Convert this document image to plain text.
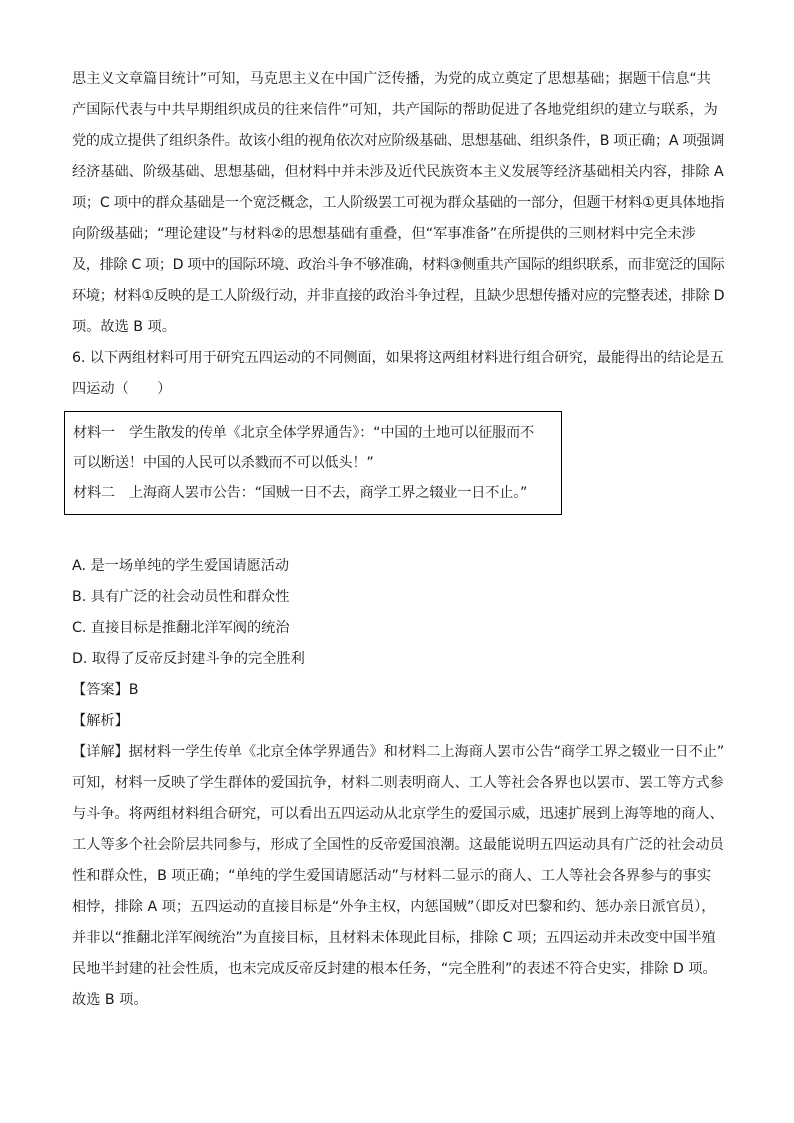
思主义文章篇目统计”可知，马克思主义在中国广泛传播，为党的成立奠定了思想基础；据题干信息“共
产国际代表与中共早期组织成员的往来信件”可知，共产国际的帮助促进了各地党组织的建立与联系，为
党的成立提供了组织条件。故该小组的视角依次对应阶级基础、思想基础、组织条件，B 项正确；A 项强调
经济基础、阶级基础、思想基础，但材料中并未涉及近代民族资本主义发展等经济基础相关内容，排除 A
项；C 项中的群众基础是一个宽泛概念，工人阶级罢工可视为群众基础的一部分，但题干材料①更具体地指
向阶级基础；“理论建设”与材料②的思想基础有重叠，但“军事准备”在所提供的三则材料中完全未涉
及，排除 C 项；D 项中的国际环境、政治斗争不够准确，材料③侧重共产国际的组织联系，而非宽泛的国际
环境；材料①反映的是工人阶级行动，并非直接的政治斗争过程，且缺少思想传播对应的完整表述，排除 D
项。故选 B 项。
6. 以下两组材料可用于研究五四运动的不同侧面，如果将这两组材料进行组合研究，最能得出的结论是五
四运动（　　）
材料一　学生散发的传单《北京全体学界通告》：“中国的土地可以征服而不
可以断送！中国的人民可以杀戮而不可以低头！”
材料二　上海商人罢市公告：“国贼一日不去，商学工界之辍业一日不止。”
A. 是一场单纯的学生爱国请愿活动
B. 具有广泛的社会动员性和群众性
C. 直接目标是推翻北洋军阀的统治
D. 取得了反帝反封建斗争的完全胜利
【答案】B
【解析】
【详解】据材料一学生传单《北京全体学界通告》和材料二上海商人罢市公告“商学工界之辍业一日不止”
可知，材料一反映了学生群体的爱国抗争，材料二则表明商人、工人等社会各界也以罢市、罢工等方式参
与斗争。将两组材料组合研究，可以看出五四运动从北京学生的爱国示威，迅速扩展到上海等地的商人、
工人等多个社会阶层共同参与，形成了全国性的反帝爱国浪潮。这最能说明五四运动具有广泛的社会动员
性和群众性，B 项正确；“单纯的学生爱国请愿活动”与材料二显示的商人、工人等社会各界参与的事实
相悖，排除 A 项；五四运动的直接目标是“外争主权，内惩国贼”（即反对巴黎和约、惩办亲日派官员），
并非以“推翻北洋军阀统治”为直接目标，且材料未体现此目标，排除 C 项；五四运动并未改变中国半殖
民地半封建的社会性质，也未完成反帝反封建的根本任务，“完全胜利”的表述不符合史实，排除 D 项。
故选 B 项。
